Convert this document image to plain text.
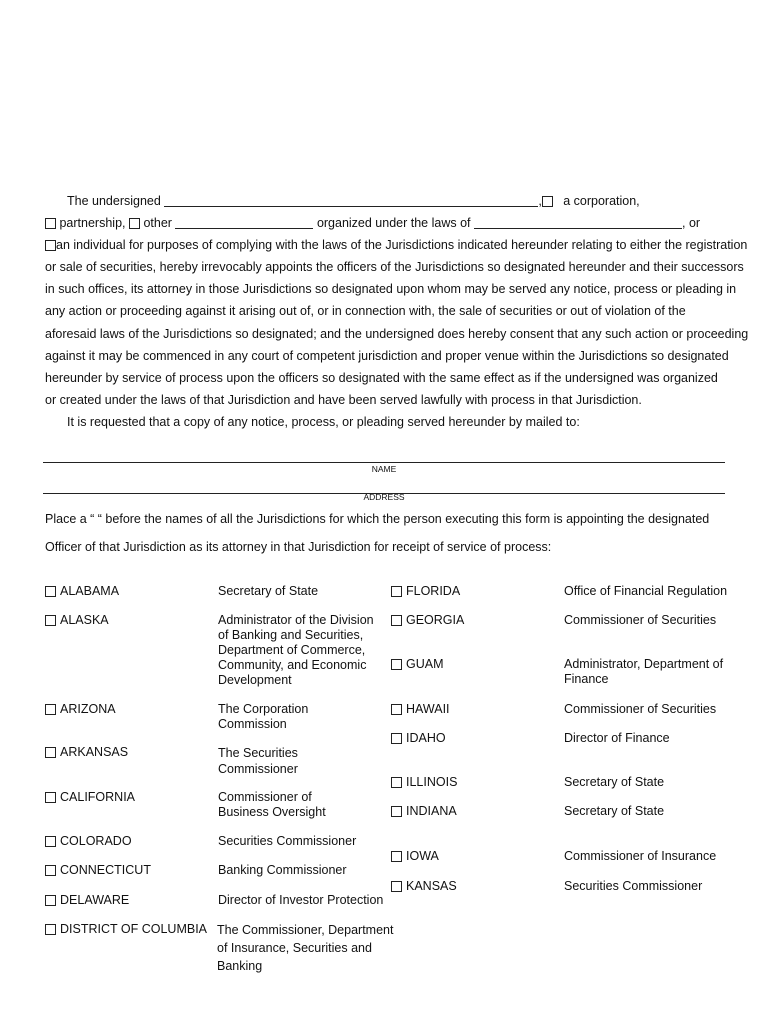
The undersigned	, a corporation,
partnership, other	organized under the laws of	, or
an individual for purposes of complying with the laws of the Jurisdictions indicated hereunder relating to either the registration
or sale of securities, hereby irrevocably appoints the officers of the Jurisdictions so designated hereunder and their successors
in such offices, its attorney in those Jurisdictions so designated upon whom may be served any notice, process or pleading in
any action or proceeding against it arising out of, or in connection with, the sale of securities or out of violation of the
aforesaid laws of the Jurisdictions so designated; and the undersigned does hereby consent that any such action or proceeding
against it may be commenced in any court of competent jurisdiction and proper venue within the Jurisdictions so designated
hereunder by service of process upon the officers so designated with the same effect as if the undersigned was organized
or created under the laws of that Jurisdiction and have been served lawfully with process in that Jurisdiction.
It is requested that a copy of any notice, process, or pleading served hereunder by mailed to:
NAME
ADDRESS
Place a “ “ before the names of all the Jurisdictions for which the person executing this form is appointing the designated
Officer of that Jurisdiction as its attorney in that Jurisdiction for receipt of service of process:
ALABAMA	Secretary of State
ALASKA	Administrator of the Division
of Banking and Securities,
Department of Commerce,
Community, and Economic
Development
ARIZONA	The Corporation
Commission
ARKANSAS	The Securities
Commissioner
CALIFORNIA	Commissioner of
Business Oversight
COLORADO	Securities Commissioner
CONNECTICUT	Banking Commissioner
DELAWARE	Director of Investor Protection
DISTRICT OF COLUMBIA The Commissioner, Department
of Insurance, Securities and
Banking
FLORIDA	Office of Financial Regulation
GEORGIA	Commissioner of Securities
GUAM	Administrator, Department of
Finance
HAWAII	Commissioner of Securities
IDAHO	Director of Finance
ILLINOIS	Secretary of State
INDIANA	Secretary of State
IOWA	Commissioner of Insurance
KANSAS	Securities Commissioner
